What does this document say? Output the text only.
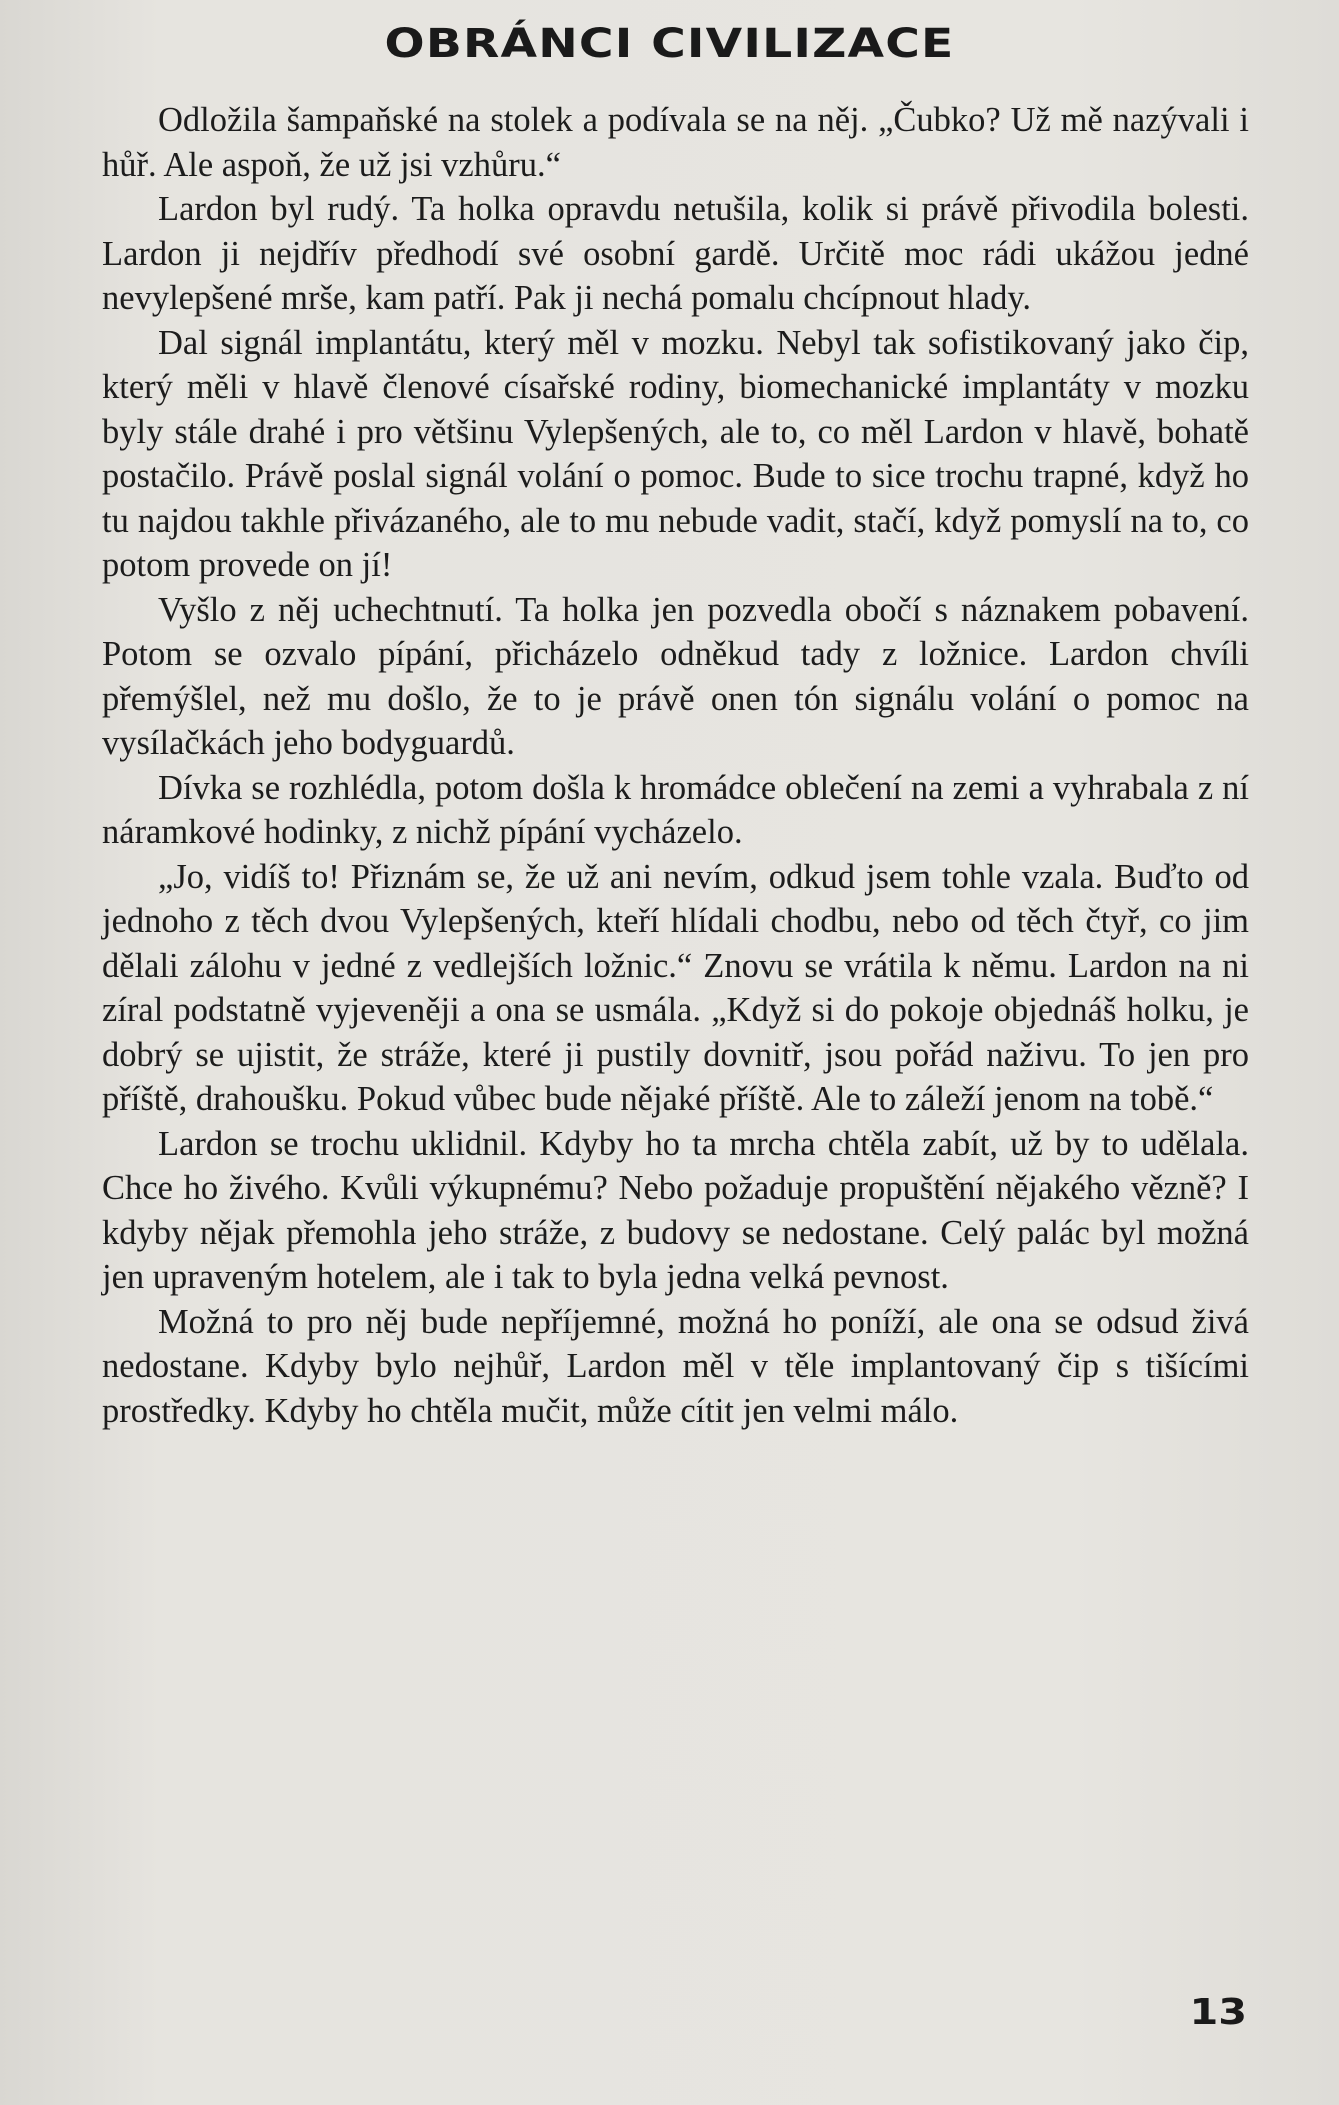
OBRÁNCI CIVILIZACE

Odložila šampaňské na stolek a podívala se na něj. „Čubko? Už mě nazývali i hůř. Ale aspoň, že už jsi vzhůru.“

Lardon byl rudý. Ta holka opravdu netušila, kolik si právě přivodila bolesti. Lardon ji nejdřív předhodí své osobní gardě. Určitě moc rádi ukážou jedné nevylepšené mrše, kam patří. Pak ji nechá pomalu chcípnout hlady.

Dal signál implantátu, který měl v mozku. Nebyl tak sofistikovaný jako čip, který měli v hlavě členové císařské rodiny, biomechanické implantáty v mozku byly stále drahé i pro většinu Vylepšených, ale to, co měl Lardon v hlavě, bohatě postačilo. Právě poslal signál volání o pomoc. Bude to sice trochu trapné, když ho tu najdou takhle přivázaného, ale to mu nebude vadit, stačí, když pomyslí na to, co potom provede on jí!

Vyšlo z něj uchechtnutí. Ta holka jen pozvedla obočí s náznakem pobavení. Potom se ozvalo pípání, přicházelo odněkud tady z ložnice. Lardon chvíli přemýšlel, než mu došlo, že to je právě onen tón signálu volání o pomoc na vysílačkách jeho bodyguardů.

Dívka se rozhlédla, potom došla k hromádce oblečení na zemi a vyhrabala z ní náramkové hodinky, z nichž pípání vycházelo.

„Jo, vidíš to! Přiznám se, že už ani nevím, odkud jsem tohle vzala. Buďto od jednoho z těch dvou Vylepšených, kteří hlídali chodbu, nebo od těch čtyř, co jim dělali zálohu v jedné z vedlejších ložnic.“ Znovu se vrátila k němu. Lardon na ni zíral podstatně vyjeveněji a ona se usmála. „Když si do pokoje objednáš holku, je dobrý se ujistit, že stráže, které ji pustily dovnitř, jsou pořád naživu. To jen pro příště, drahoušku. Pokud vůbec bude nějaké příště. Ale to záleží jenom na tobě.“

Lardon se trochu uklidnil. Kdyby ho ta mrcha chtěla zabít, už by to udělala. Chce ho živého. Kvůli výkupnému? Nebo požaduje propuštění nějakého vězně? I kdyby nějak přemohla jeho stráže, z budovy se nedostane. Celý palác byl možná jen upraveným hotelem, ale i tak to byla jedna velká pevnost.

Možná to pro něj bude nepříjemné, možná ho poníží, ale ona se odsud živá nedostane. Kdyby bylo nejhůř, Lardon měl v těle implantovaný čip s tišícími prostředky. Kdyby ho chtěla mučit, může cítit jen velmi málo.

13
